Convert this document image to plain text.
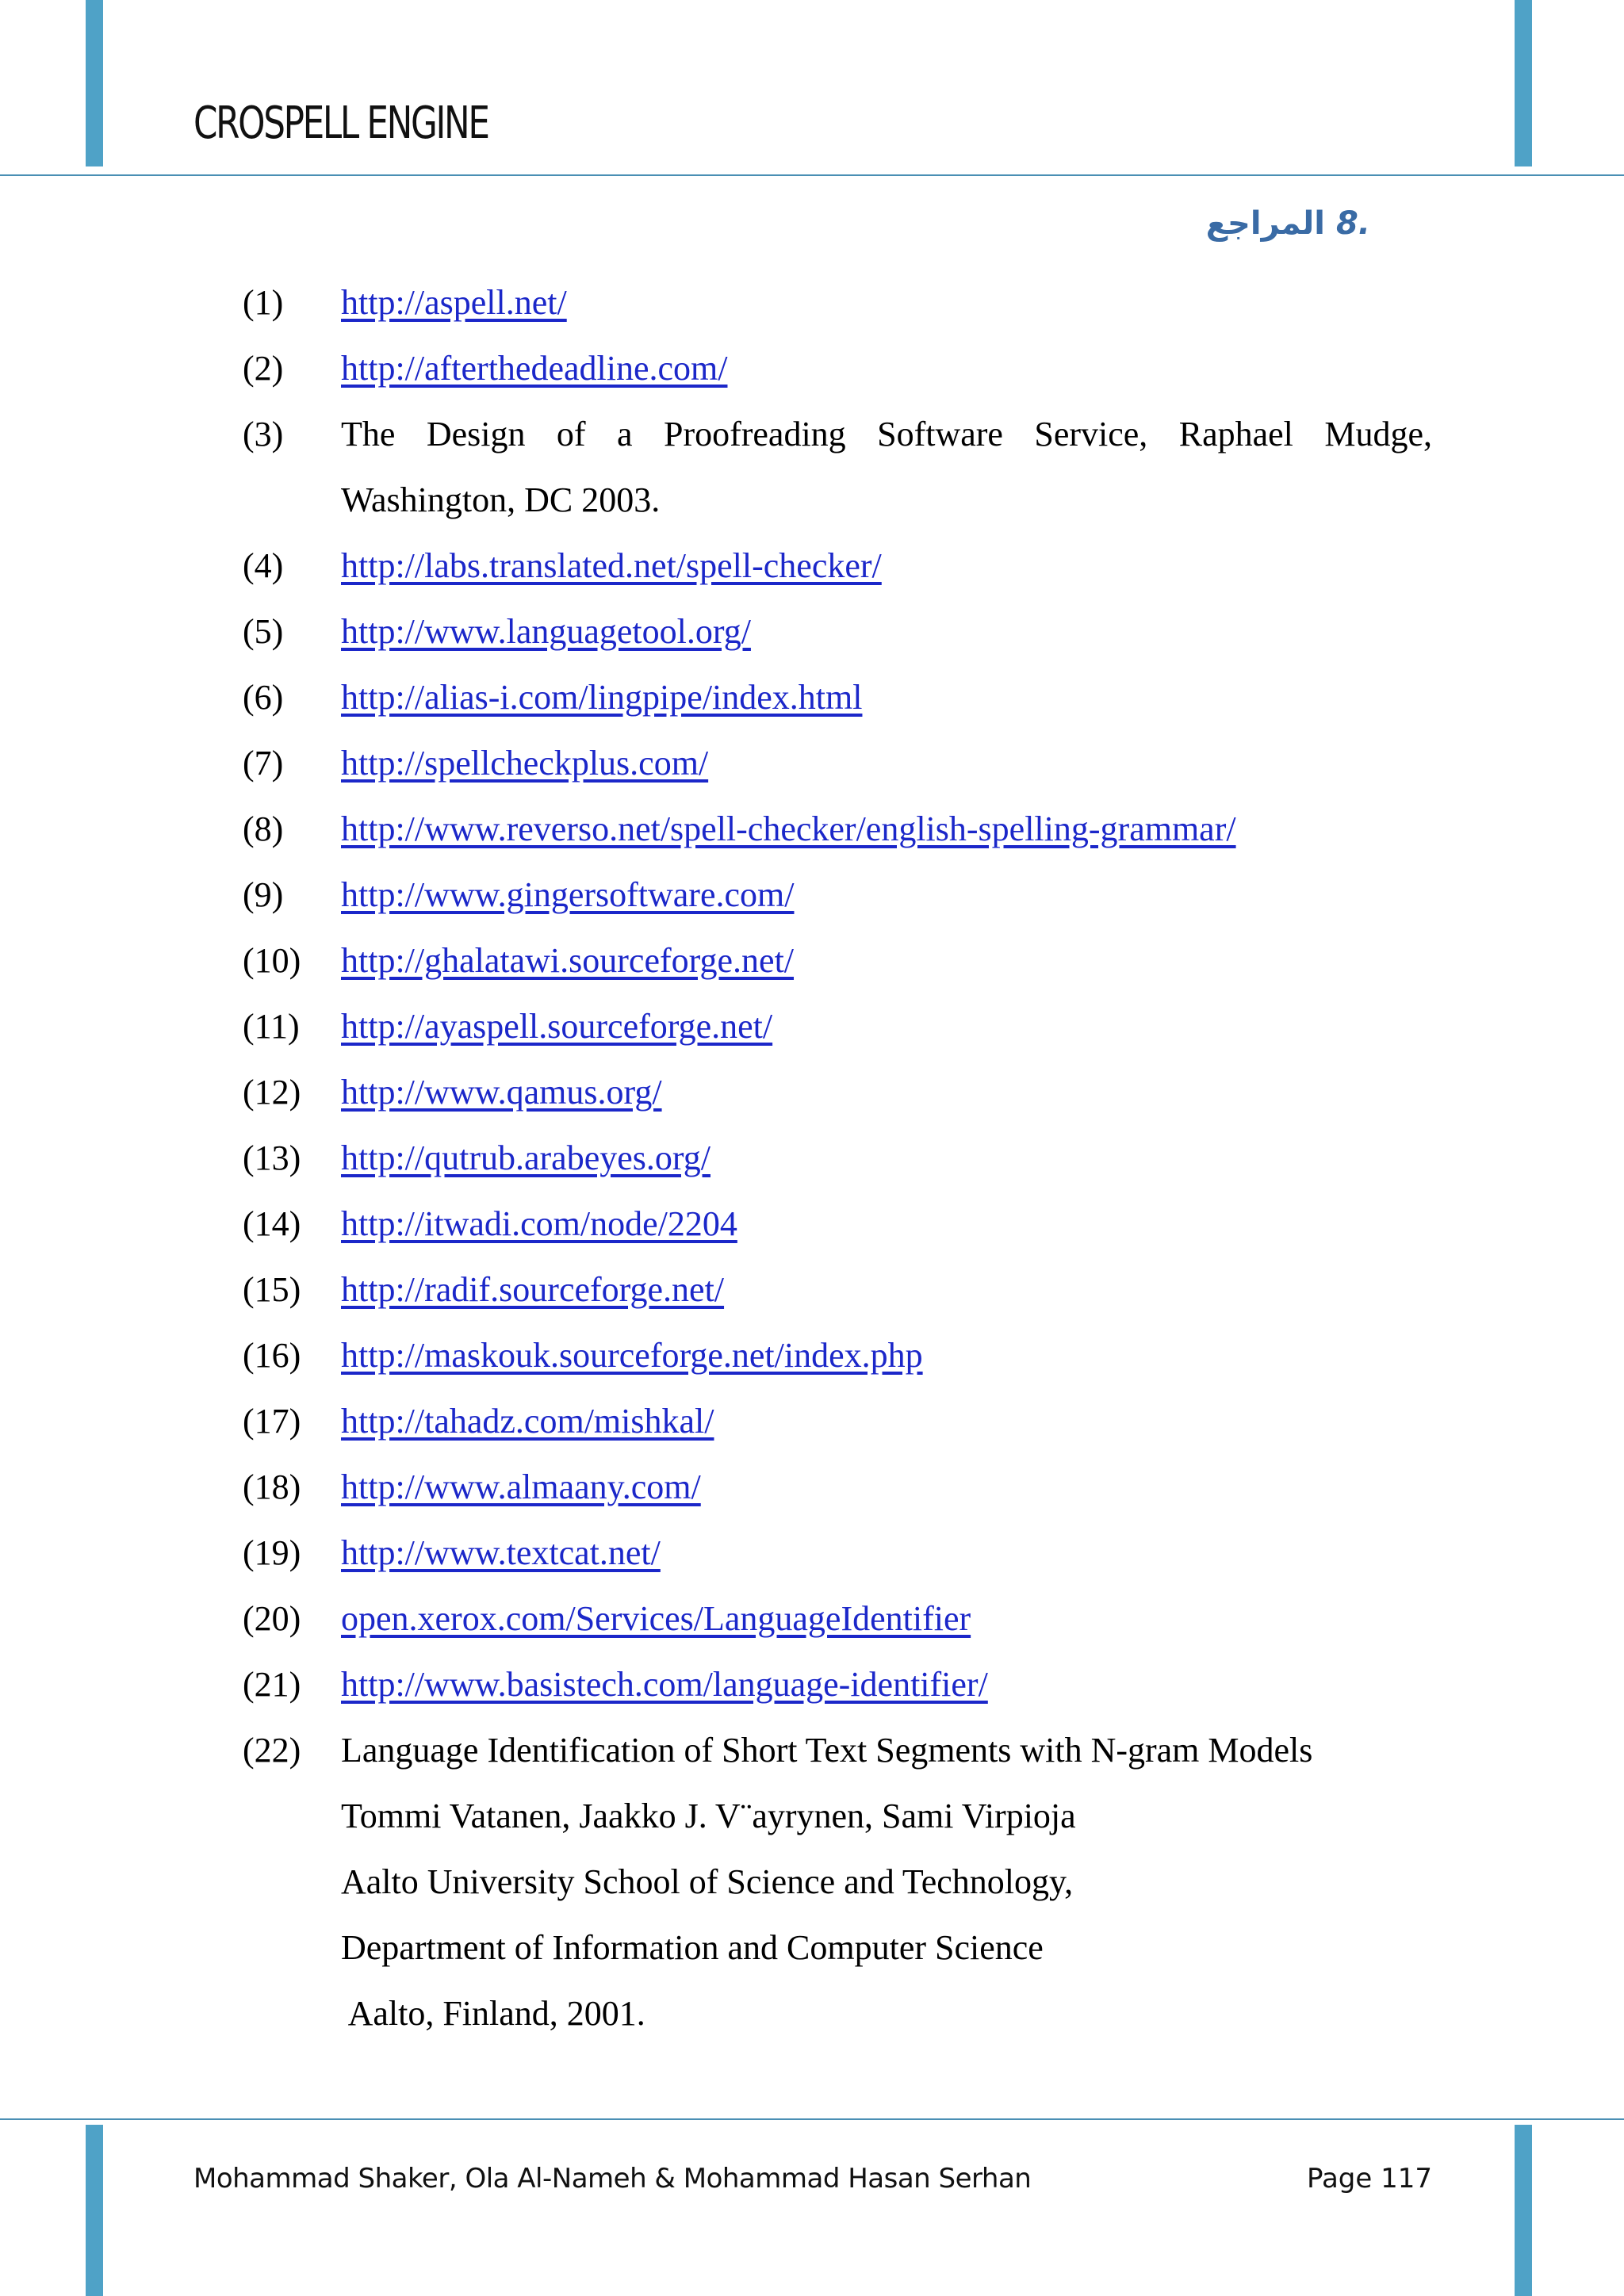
CROSPELL ENGINE
.8 المراجع
(1)	http://aspell.net/
(2)	http://afterthedeadline.com/
(3)	The Design of a Proofreading Software Service, Raphael Mudge,
Washington, DC 2003.
(4)	http://labs.translated.net/spell-checker/
(5)	http://www.languagetool.org/
(6)	http://alias-i.com/lingpipe/index.html
(7)	http://spellcheckplus.com/
(8)	http://www.reverso.net/spell-checker/english-spelling-grammar/
(9)	http://www.gingersoftware.com/
(10)	http://ghalatawi.sourceforge.net/
(11)	http://ayaspell.sourceforge.net/
(12)	http://www.qamus.org/
(13)	http://qutrub.arabeyes.org/
(14)	http://itwadi.com/node/2204
(15)	http://radif.sourceforge.net/
(16)	http://maskouk.sourceforge.net/index.php
(17)	http://tahadz.com/mishkal/
(18)	http://www.almaany.com/
(19)	http://www.textcat.net/
(20)	open.xerox.com/Services/LanguageIdentifier
(21)	http://www.basistech.com/language-identifier/
(22)	Language Identification of Short Text Segments with N-gram Models
Tommi Vatanen, Jaakko J. V¨ayrynen, Sami Virpioja
Aalto University School of Science and Technology,
Department of Information and Computer Science
Aalto, Finland, 2001.
Mohammad Shaker, Ola Al-Nameh & Mohammad Hasan Serhan	Page 117
